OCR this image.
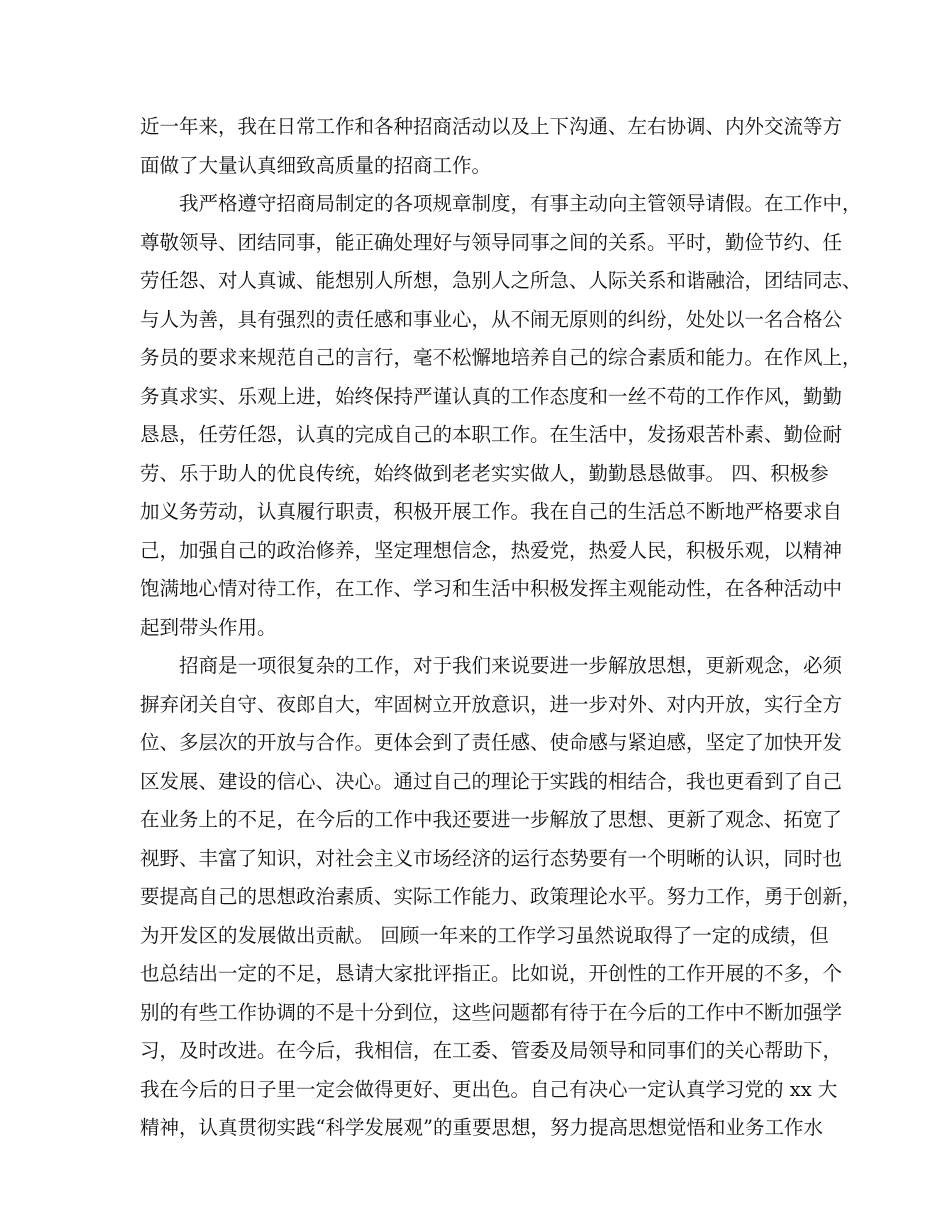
近一年来，我在日常工作和各种招商活动以及上下沟通、左右协调、内外交流等方
面做了大量认真细致高质量的招商工作。
　　我严格遵守招商局制定的各项规章制度，有事主动向主管领导请假。在工作中，
尊敬领导、团结同事，能正确处理好与领导同事之间的关系。平时，勤俭节约、任
劳任怨、对人真诚、能想别人所想，急别人之所急、人际关系和谐融洽，团结同志、
与人为善，具有强烈的责任感和事业心，从不闹无原则的纠纷，处处以一名合格公
务员的要求来规范自己的言行，毫不松懈地培养自己的综合素质和能力。在作风上，
务真求实、乐观上进，始终保持严谨认真的工作态度和一丝不苟的工作作风，勤勤
恳恳，任劳任怨，认真的完成自己的本职工作。在生活中，发扬艰苦朴素、勤俭耐
劳、乐于助人的优良传统，始终做到老老实实做人，勤勤恳恳做事。 四、积极参
加义务劳动，认真履行职责，积极开展工作。我在自己的生活总不断地严格要求自
己，加强自己的政治修养，坚定理想信念，热爱党，热爱人民，积极乐观，以精神
饱满地心情对待工作，在工作、学习和生活中积极发挥主观能动性，在各种活动中
起到带头作用。
　　招商是一项很复杂的工作，对于我们来说要进一步解放思想，更新观念，必须
摒弃闭关自守、夜郎自大，牢固树立开放意识，进一步对外、对内开放，实行全方
位、多层次的开放与合作。更体会到了责任感、使命感与紧迫感，坚定了加快开发
区发展、建设的信心、决心。通过自己的理论于实践的相结合，我也更看到了自己
在业务上的不足，在今后的工作中我还要进一步解放了思想、更新了观念、拓宽了
视野、丰富了知识，对社会主义市场经济的运行态势要有一个明晰的认识，同时也
要提高自己的思想政治素质、实际工作能力、政策理论水平。努力工作，勇于创新，
为开发区的发展做出贡献。 回顾一年来的工作学习虽然说取得了一定的成绩，但
也总结出一定的不足，恳请大家批评指正。比如说，开创性的工作开展的不多，个
别的有些工作协调的不是十分到位，这些问题都有待于在今后的工作中不断加强学
习，及时改进。在今后，我相信，在工委、管委及局领导和同事们的关心帮助下，
我在今后的日子里一定会做得更好、更出色。自己有决心一定认真学习党的 xx 大
精神，认真贯彻实践“科学发展观”的重要思想，努力提高思想觉悟和业务工作水
